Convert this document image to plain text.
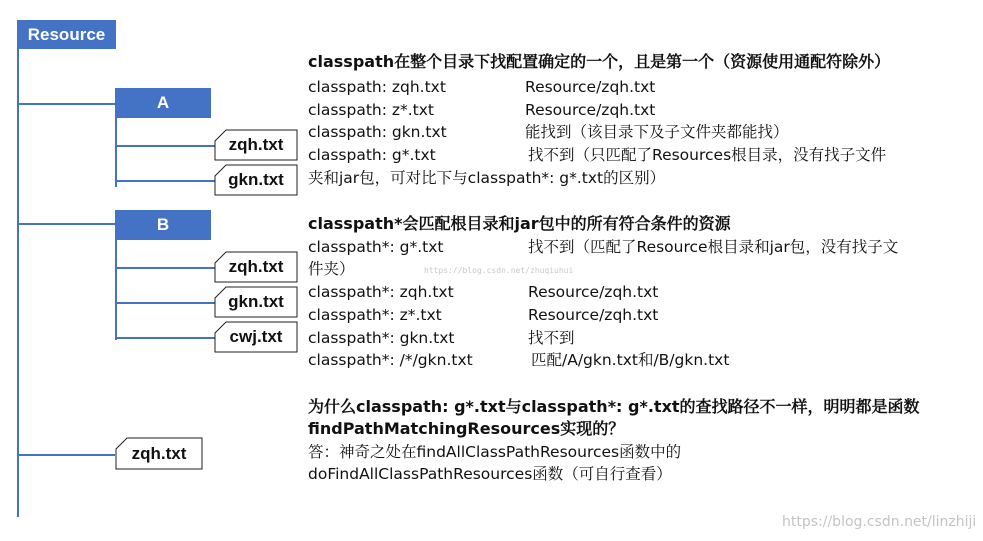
Resource
A
B
zqh.txt
gkn.txt
zqh.txt
gkn.txt
cwj.txt
zqh.txt
classpath在整个目录下找配置确定的一个，且是第一个（资源使用通配符除外）
classpath: zqh.txt	Resource/zqh.txt
classpath: z*.txt	Resource/zqh.txt
classpath: gkn.txt	能找到（该目录下及子文件夹都能找）
classpath: g*.txt	找不到（只匹配了Resources根目录，没有找子文件
夹和jar包，可对比下与classpath*: g*.txt的区别）
classpath*会匹配根目录和jar包中的所有符合条件的资源
classpath*: g*.txt	找不到（匹配了Resource根目录和jar包，没有找子文
件夹）	https://blog.csdn.net/zhuqiuhui
classpath*: zqh.txt	Resource/zqh.txt
classpath*: z*.txt	Resource/zqh.txt
classpath*: gkn.txt	找不到
classpath*: /*/gkn.txt	匹配/A/gkn.txt和/B/gkn.txt
为什么classpath: g*.txt与classpath*: g*.txt的查找路径不一样，明明都是函数
findPathMatchingResources实现的？
答：神奇之处在findAllClassPathResources函数中的
doFindAllClassPathResources函数（可自行查看）
https://blog.csdn.net/linzhiji
